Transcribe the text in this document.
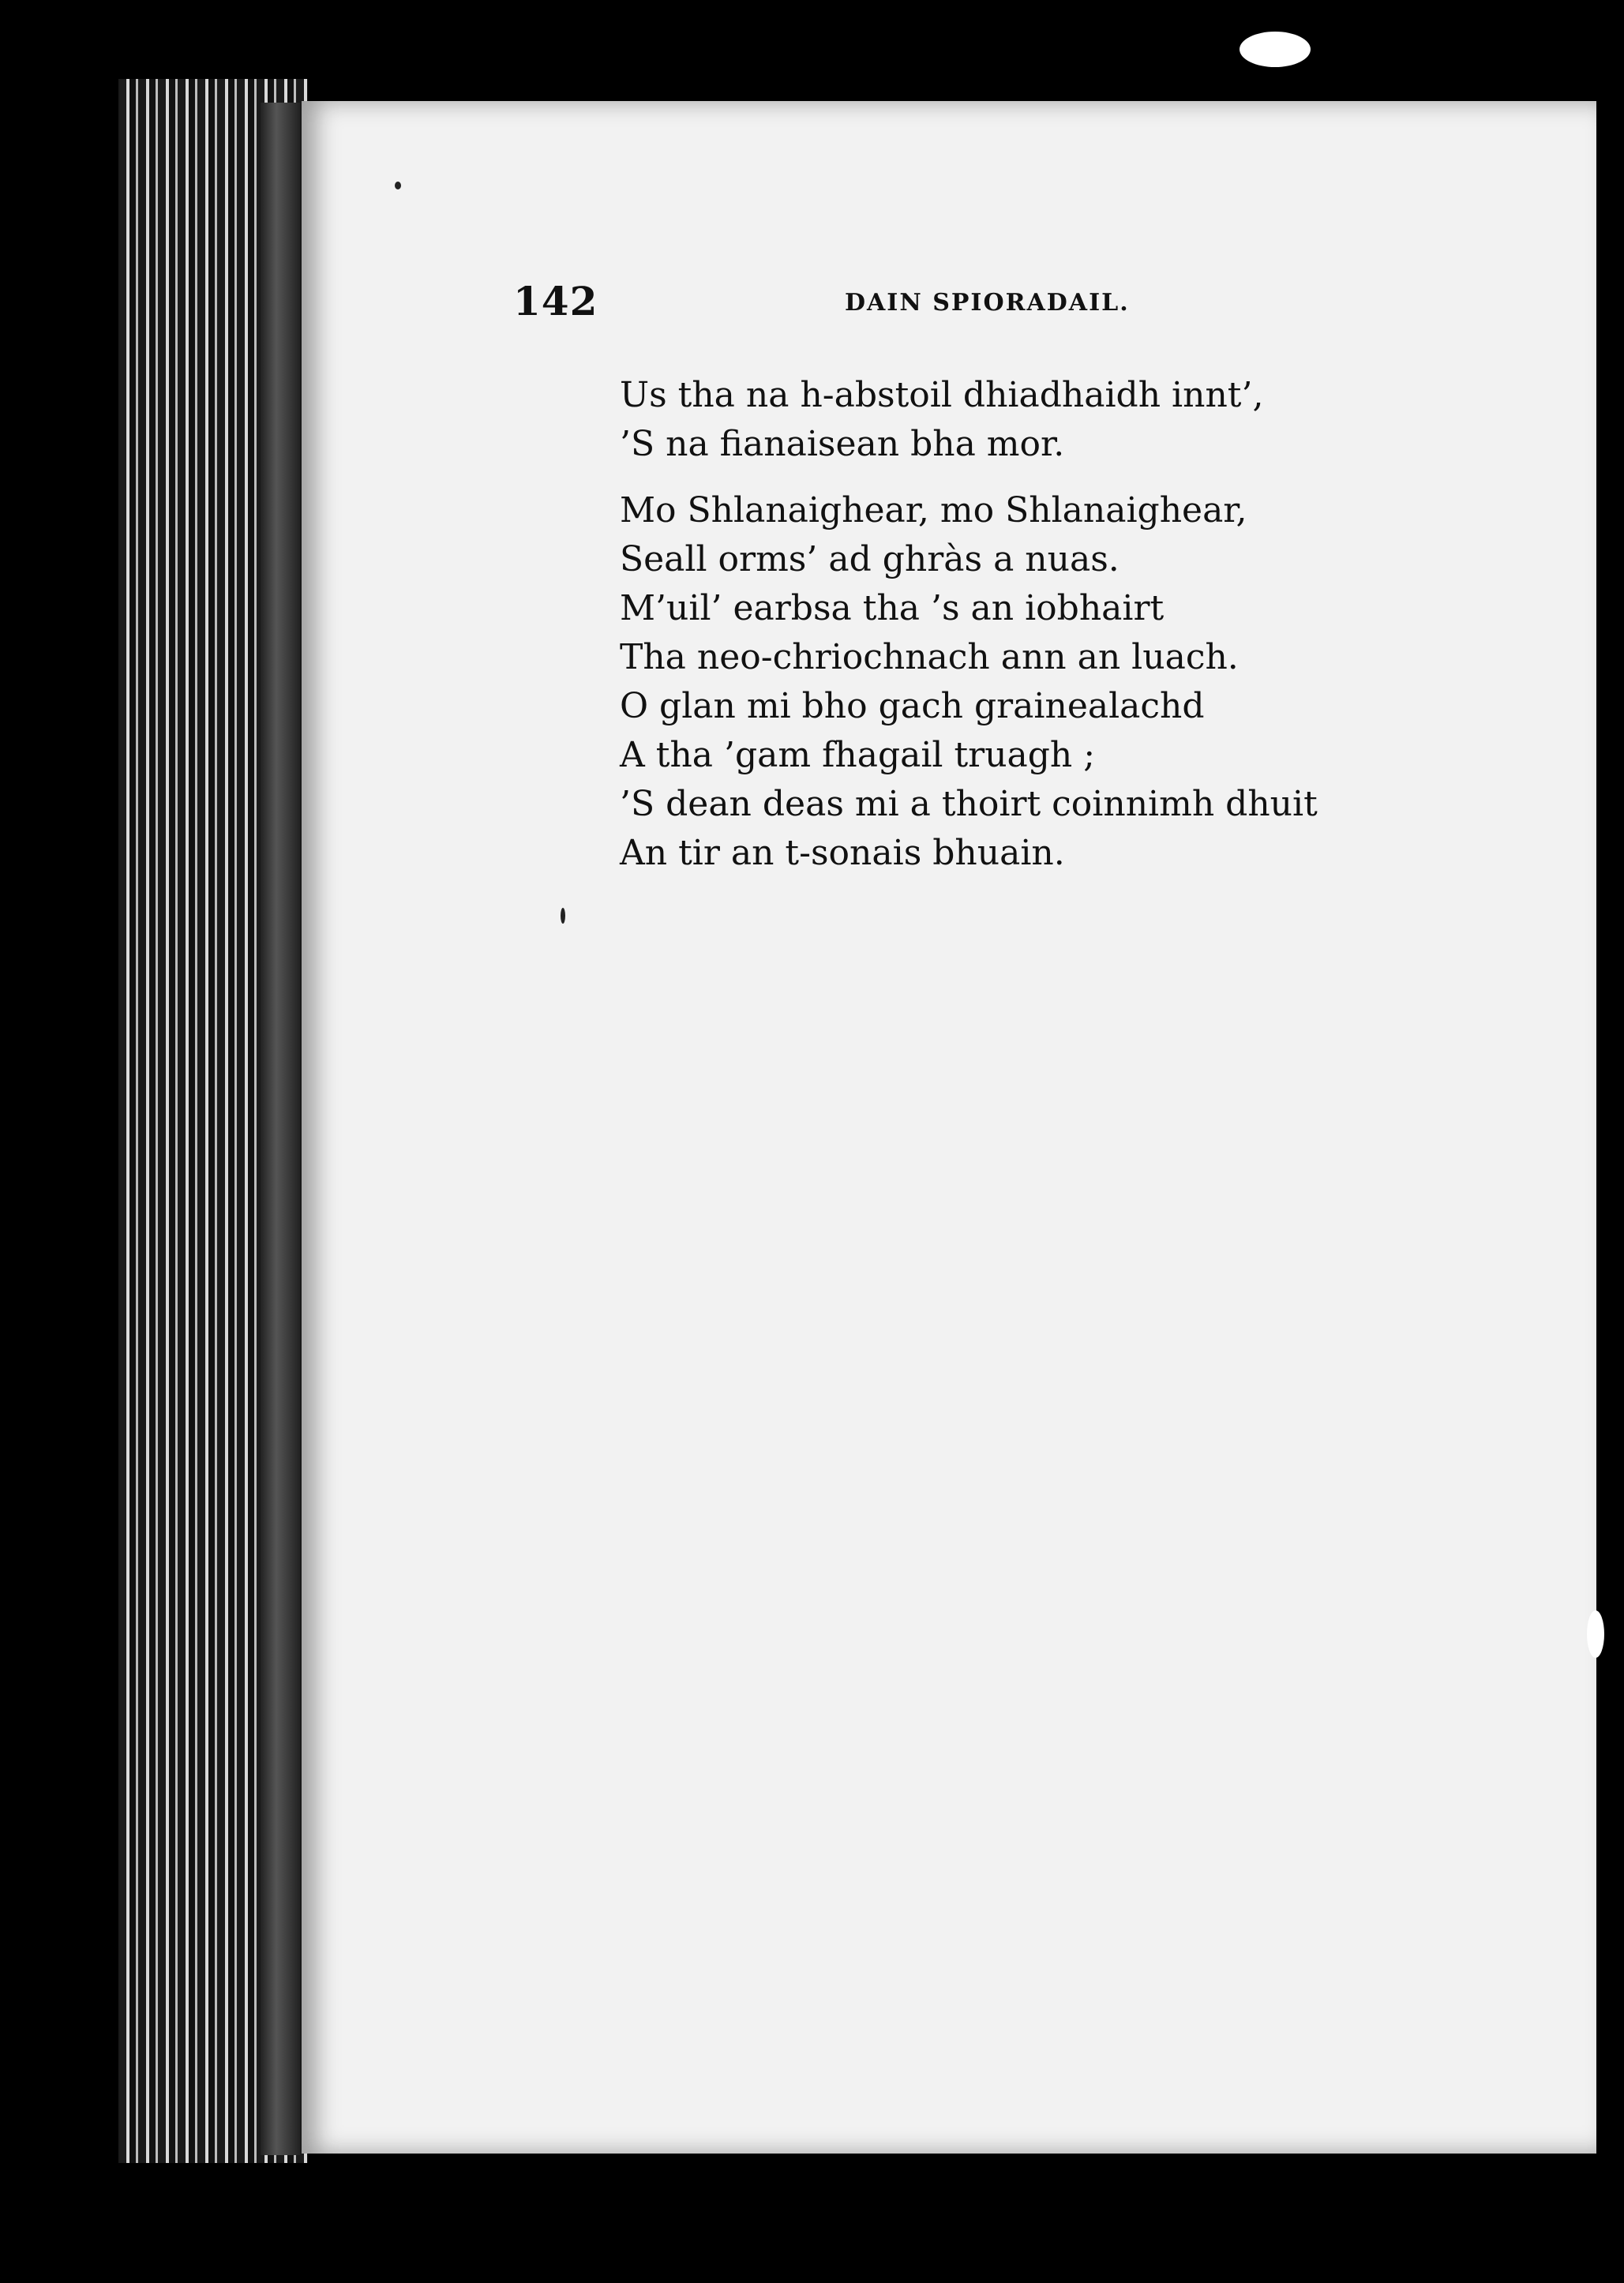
142	DAIN SPIORADAIL.
Us tha na h-abstoil dhiadhaidh innt’,
’S na fianaisean bha mor.
Mo Shlanaighear, mo Shlanaighear,
Seall orms’ ad ghràs a nuas.
M’uil’ earbsa tha ’s an iobhairt
Tha neo-chriochnach ann an luach.
O glan mi bho gach grainealachd
A tha ’gam fhagail truagh ;
’S dean deas mi a thoirt coinnimh dhuit
An tir an t-sonais bhuain.
